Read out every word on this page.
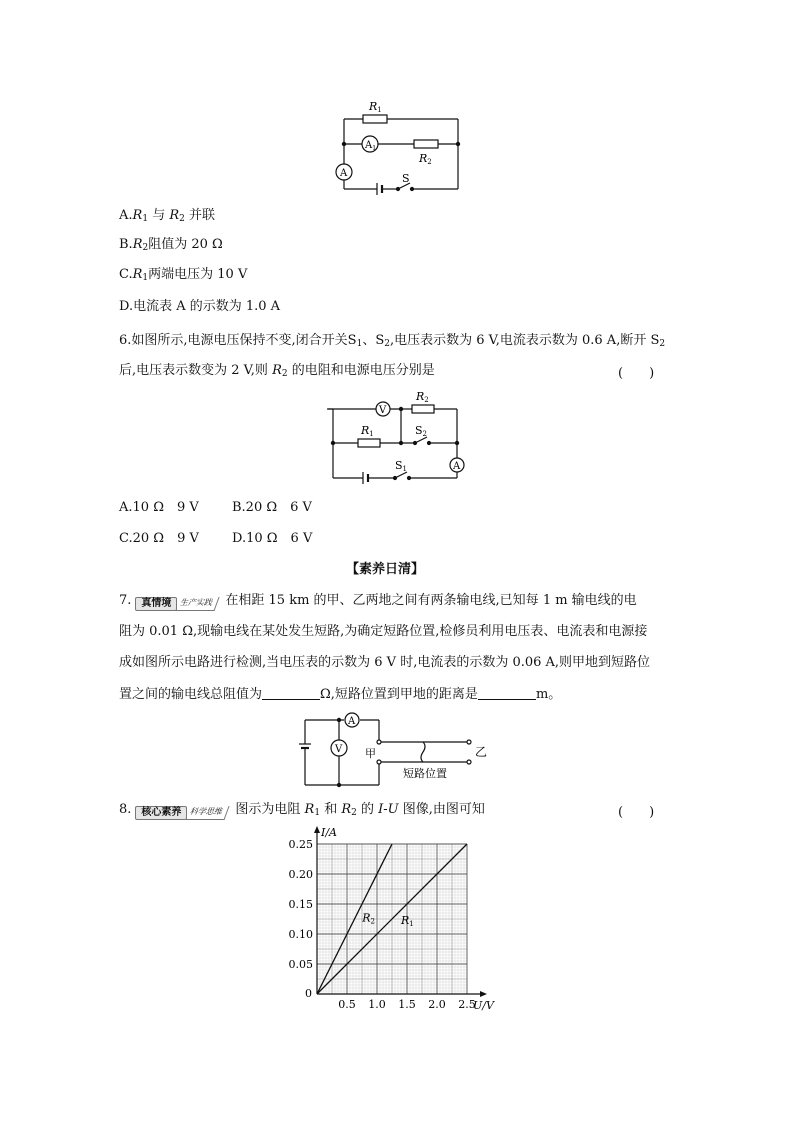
R1
R2
$A_1$
A	S
$A.R_1$ 与 $R_2$ 并联
$B.R_2$阻值为 20 Ω
$C.R_1$两端电压为 10 V
D.电流表 A 的示数为 1.0 A
6.如图所示,电源电压保持不变,闭合开关$S_1$、$S_2$,电压表示数为 6 V,电流表示数为 0.6 A,断开 $S_2$
后,电压表示数变为 2 V,则 $R_2$ 的电阻和电源电压分别是	(　　)
V
R2
R1	S2
S1	A
A.10 Ω　9 V	B.20 Ω　6 V
C.20 Ω　9 V	D.10 Ω　6 V
【素养日清】
7.	真情境 生产实践 在相距 15 km 的甲、乙两地之间有两条输电线,已知每 1 m 输电线的电
阻为 0.01 Ω,现输电线在某处发生短路,为确定短路位置,检修员利用电压表、电流表和电源接
成如图所示电路进行检测,当电压表的示数为 6 V 时,电流表的示数为 0.06 A,则甲地到短路位
置之间的输电线总阻值为	Ω,短路位置到甲地的距离是	m。
A
V 甲	乙
短路位置
8.	核心素养 科学思维 图示为电阻 $R_1$ 和 $R_2$ 的 I-U 图像,由图可知	(　　)
0.5 1.0 1.5 2.0 2.5
0.05
0.10
0.15
0.20
0.25
0
U/V
I/A
R2 R1
